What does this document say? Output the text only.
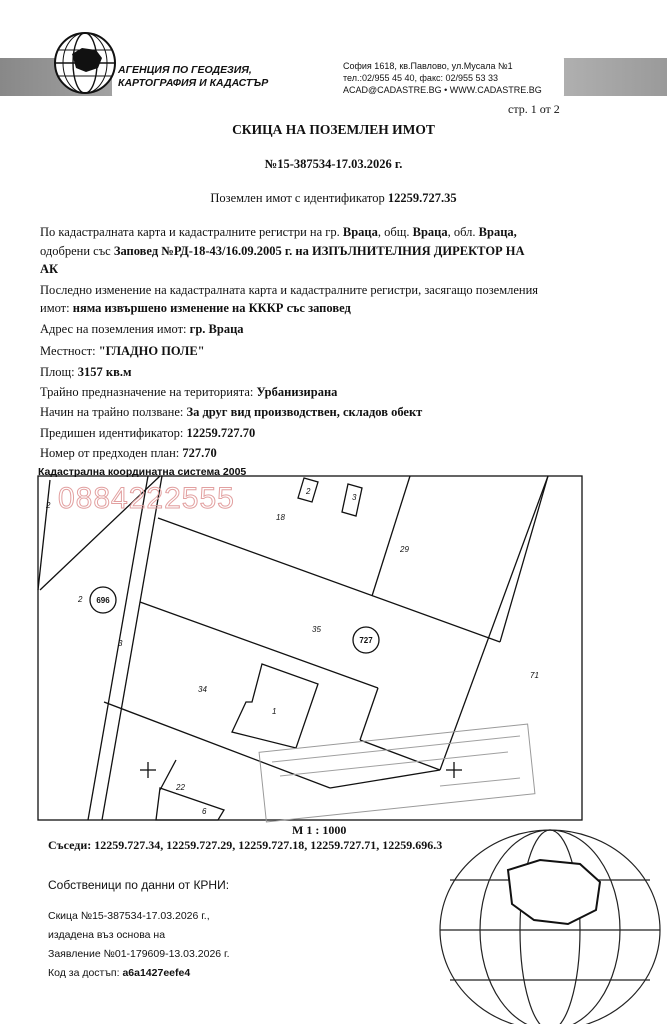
АГЕНЦИЯ ПО ГЕОДЕЗИЯ,
КАРТОГРАФИЯ И КАДАСТЪР
София 1618, кв.Павлово, ул.Мусала №1
тел.:02/955 45 40, факс: 02/955 53 33
ACAD@CADASTRE.BG • WWW.CADASTRE.BG
стр. 1 от 2
СКИЦА НА ПОЗЕМЛЕН ИМОТ
№15-387534-17.03.2026 г.
Поземлен имот с идентификатор 12259.727.35
По кадастралната карта и кадастралните регистри на гр. Враца, общ. Враца, обл. Враца,
одобрени със Заповед №РД-18-43/16.09.2005 г. на ИЗПЪЛНИТЕЛНИЯ ДИРЕКТОР НА
АК
Последно изменение на кадастралната карта и кадастралните регистри, засягащо поземления
имот: няма извършено изменение на КККР със заповед
Адрес на поземления имот: гр. Враца
Местност: "ГЛАДНО ПОЛЕ"
Площ: 3157 кв.м
Трайно предназначение на територията: Урбанизирана
Начин на трайно ползване: За друг вид производствен, складов обект
Предишен идентификатор: 12259.727.70
Номер от предходен план: 727.70
Кадастрална координатна система 2005
2
2
2
3
3
18
29
35
34
1
71
22
6
696
727
0884222555
М 1 : 1000
Съседи: 12259.727.34, 12259.727.29, 12259.727.18, 12259.727.71, 12259.696.3
Собственици по данни от КРНИ:
Скица №15-387534-17.03.2026 г.,
издадена въз основа на
Заявление №01-179609-13.03.2026 г.
Код за достъп: a6a1427eefe4
